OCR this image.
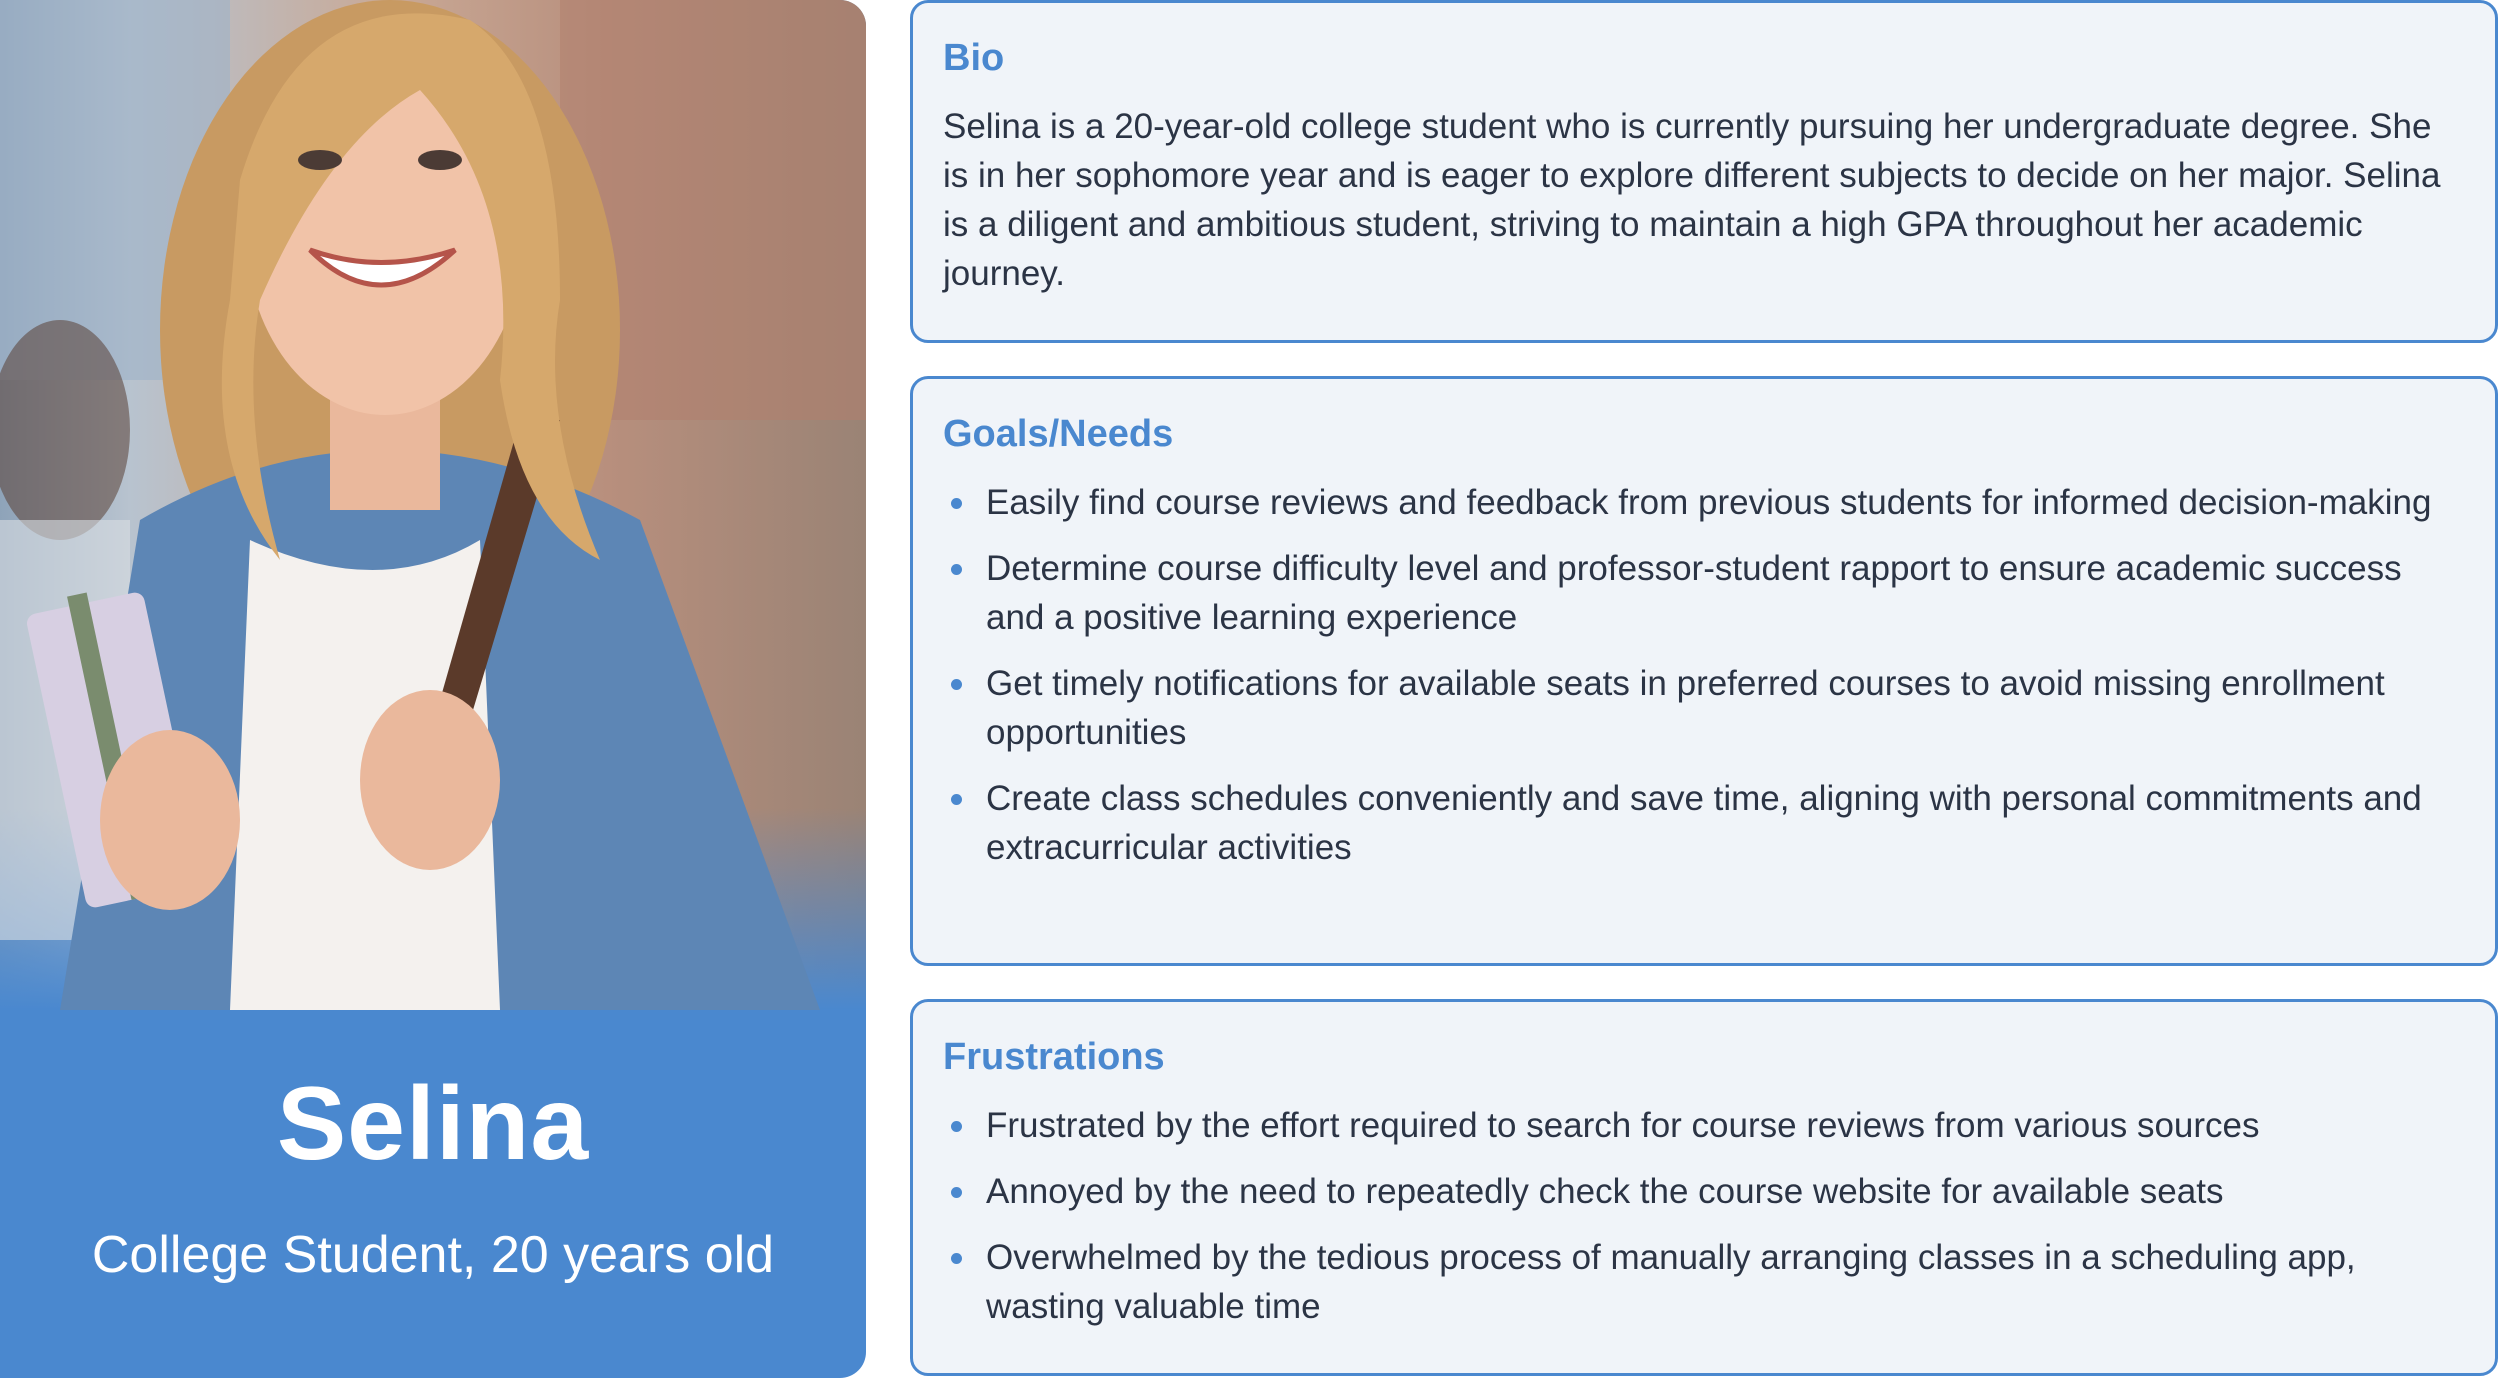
Selina
College Student, 20 years old
Bio

Selina is a 20-year-old college student who is currently pursuing her undergraduate degree. She is in her sophomore year and is eager to explore different subjects to decide on her major. Selina is a diligent and ambitious student, striving to maintain a high GPA throughout her academic journey.

Goals/Needs
Easily find course reviews and feedback from previous students for informed decision-making
Determine course difficulty level and professor-student rapport to ensure academic success and a positive learning experience
Get timely notifications for available seats in preferred courses to avoid missing enrollment opportunities
Create class schedules conveniently and save time, aligning with personal commitments and extracurricular activities
Frustrations
Frustrated by the effort required to search for course reviews from various sources
Annoyed by the need to repeatedly check the course website for available seats
Overwhelmed by the tedious process of manually arranging classes in a scheduling app, wasting valuable time
